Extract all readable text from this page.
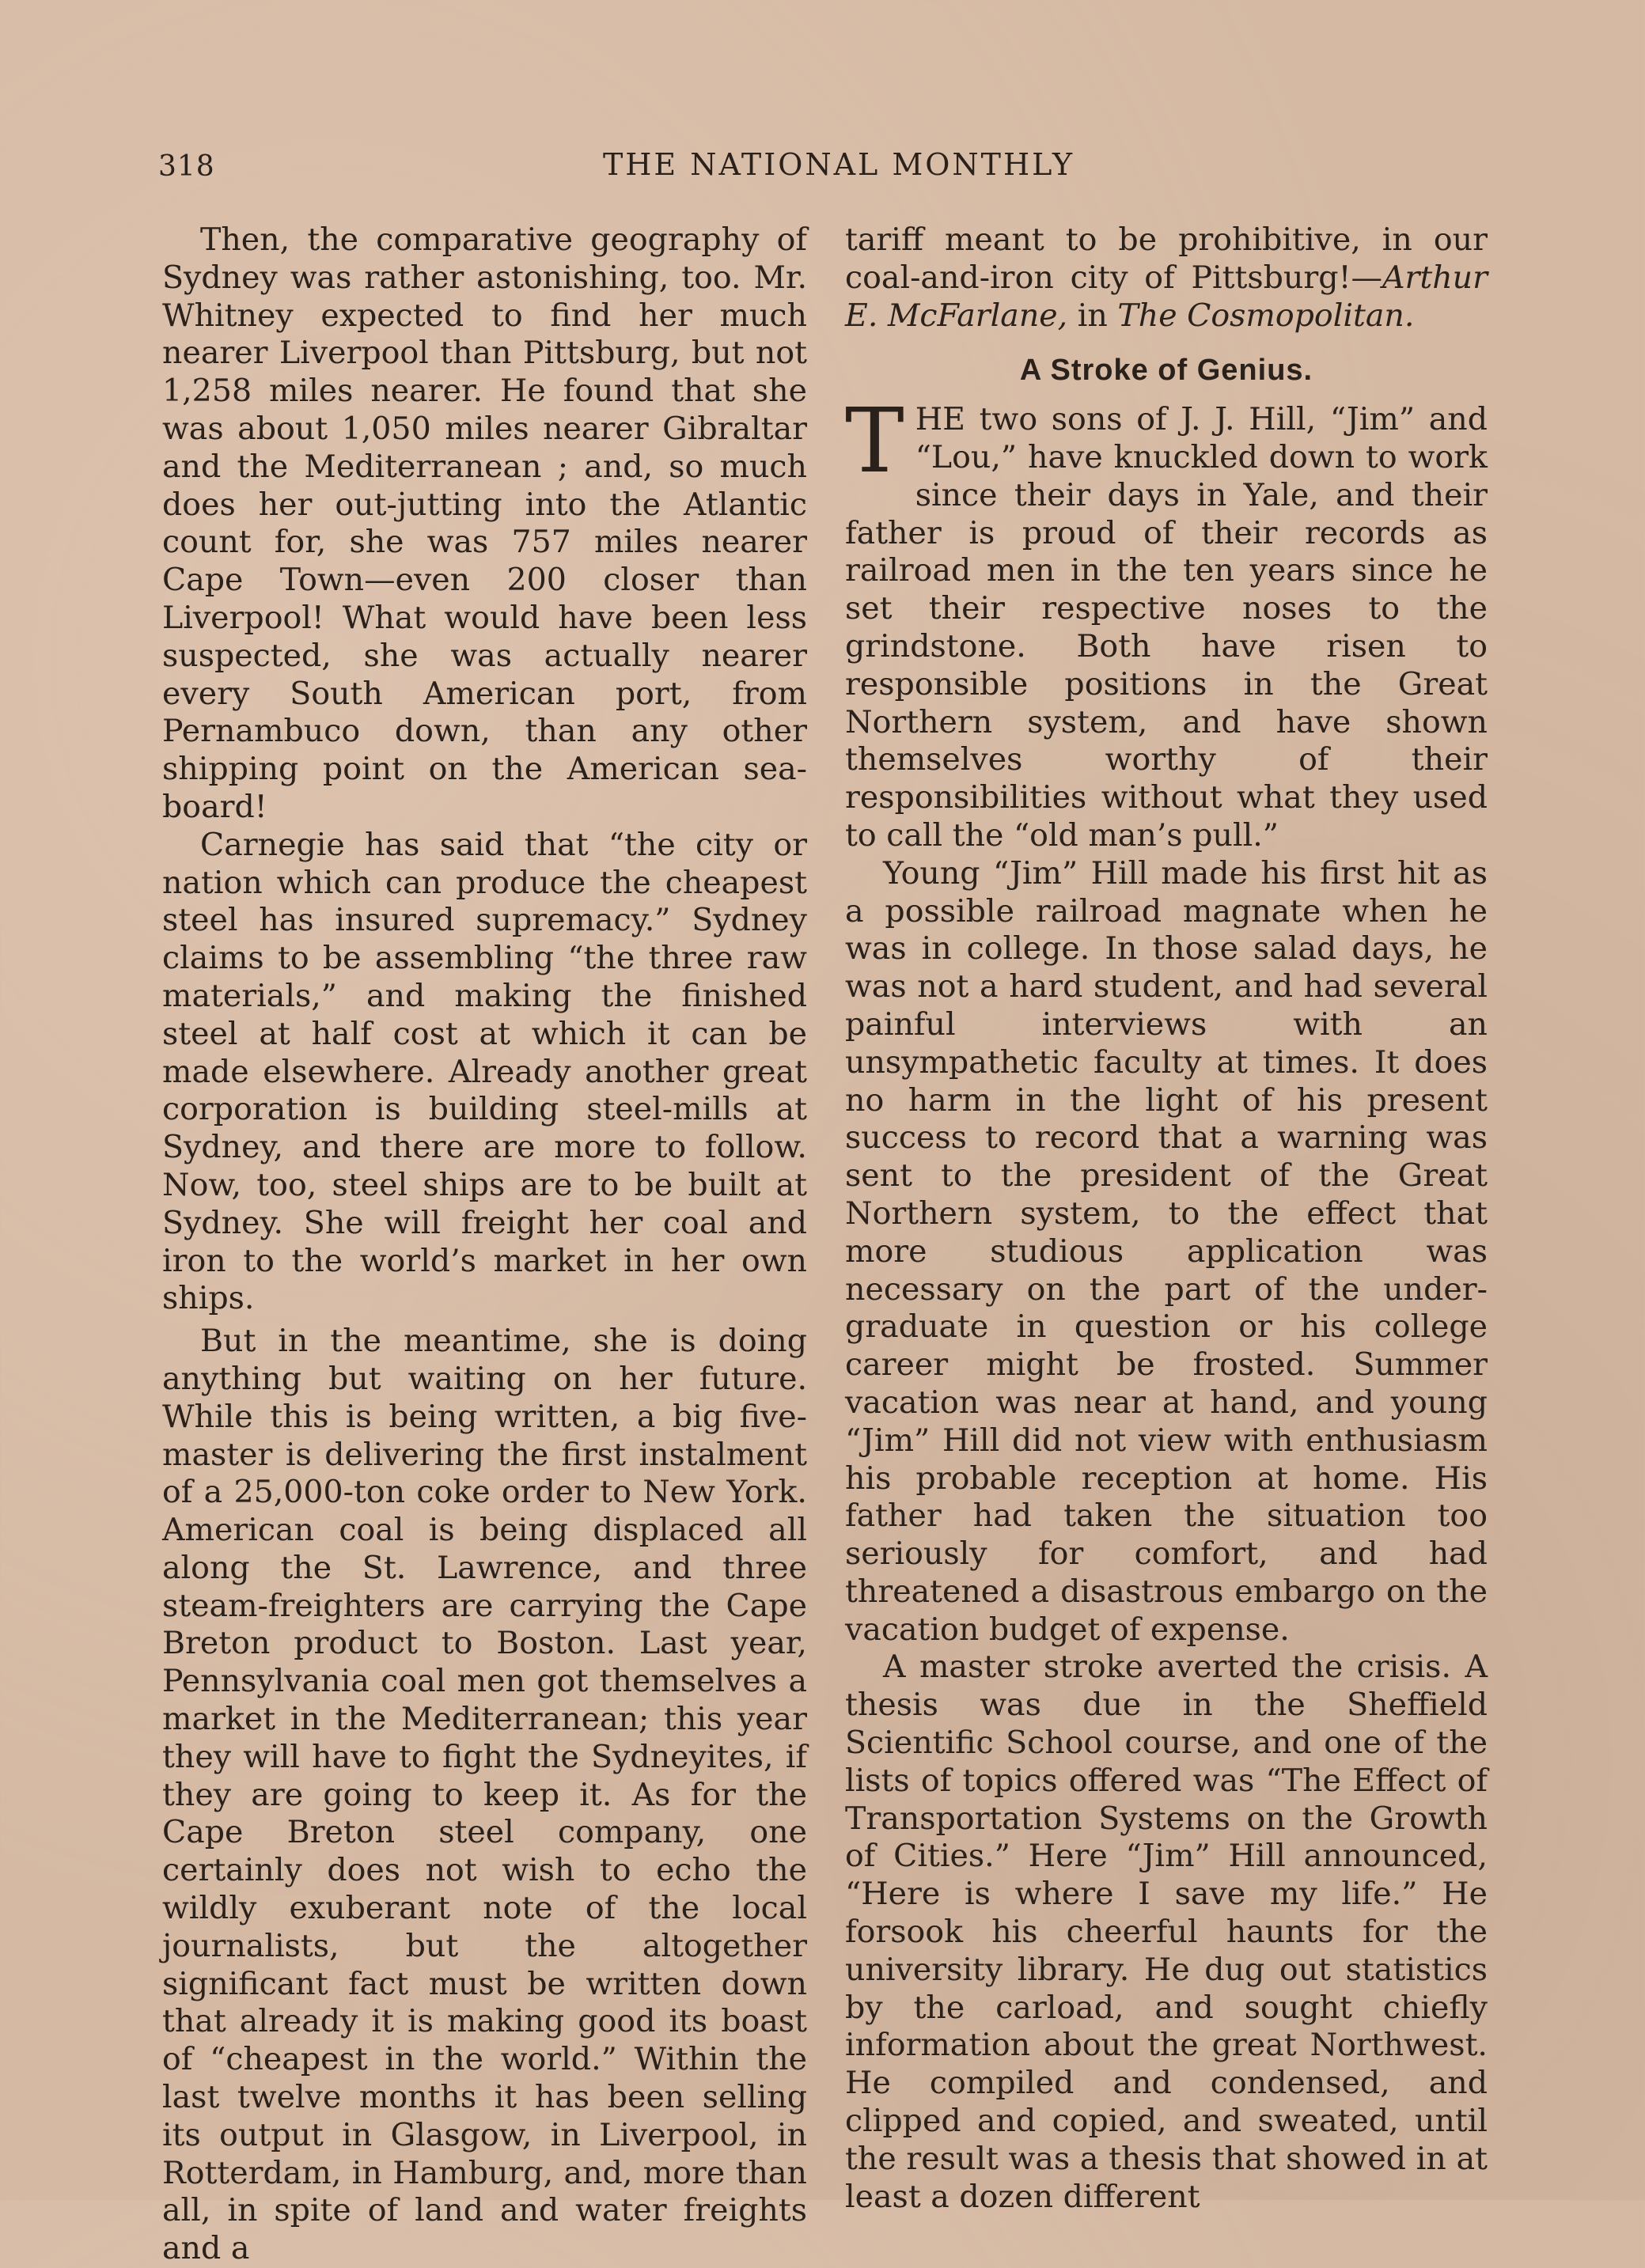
318	THE NATIONAL MONTHLY

Then, the comparative geography of Sydney was rather astonishing, too. Mr. Whitney expected to find her much nearer Liverpool than Pittsburg, but not 1,258 miles nearer. He found that she was about 1,050 miles nearer Gibraltar and the Mediterranean ; and, so much does her out-jutting into the Atlantic count for, she was 757 miles nearer Cape Town—even 200 closer than Liverpool! What would have been less suspected, she was actually nearer every South American port, from Pernambuco down, than any other shipping point on the American sea-board!

Carnegie has said that “the city or nation which can produce the cheapest steel has insured supremacy.” Sydney claims to be assembling “the three raw materials,” and making the finished steel at half cost at which it can be made elsewhere. Already another great corporation is building steel-mills at Sydney, and there are more to follow. Now, too, steel ships are to be built at Sydney. She will freight her coal and iron to the world’s market in her own ships.

But in the meantime, she is doing anything but waiting on her future. While this is being written, a big five-master is delivering the first instalment of a 25,000-ton coke order to New York. American coal is being displaced all along the St. Lawrence, and three steam-freighters are carrying the Cape Breton product to Boston. Last year, Pennsylvania coal men got themselves a market in the Mediterranean; this year they will have to fight the Sydneyites, if they are going to keep it. As for the Cape Breton steel company, one certainly does not wish to echo the wildly exuberant note of the local journalists, but the altogether significant fact must be written down that already it is making good its boast of “cheapest in the world.” Within the last twelve months it has been selling its output in Glasgow, in Liverpool, in Rotterdam, in Hamburg, and, more than all, in spite of land and water freights and a

tariff meant to be prohibitive, in our coal-and-iron city of Pittsburg!—Arthur E. McFarlane, in The Cosmopolitan.

A Stroke of Genius.

THE two sons of J. J. Hill, “Jim” and “Lou,” have knuckled down to work since their days in Yale, and their father is proud of their records as railroad men in the ten years since he set their respective noses to the grindstone. Both have risen to responsible positions in the Great Northern system, and have shown themselves worthy of their responsibilities without what they used to call the “old man’s pull.”

Young “Jim” Hill made his first hit as a possible railroad magnate when he was in college. In those salad days, he was not a hard student, and had several painful interviews with an unsympathetic faculty at times. It does no harm in the light of his present success to record that a warning was sent to the president of the Great Northern system, to the effect that more studious application was necessary on the part of the under-graduate in question or his college career might be frosted. Summer vacation was near at hand, and young “Jim” Hill did not view with enthusiasm his probable reception at home. His father had taken the situation too seriously for comfort, and had threatened a disastrous embargo on the vacation budget of expense.

A master stroke averted the crisis. A thesis was due in the Sheffield Scientific School course, and one of the lists of topics offered was “The Effect of Transportation Systems on the Growth of Cities.” Here “Jim” Hill announced, “Here is where I save my life.” He forsook his cheerful haunts for the university library. He dug out statistics by the carload, and sought chiefly information about the great Northwest. He compiled and condensed, and clipped and copied, and sweated, until the result was a thesis that showed in at least a dozen different
